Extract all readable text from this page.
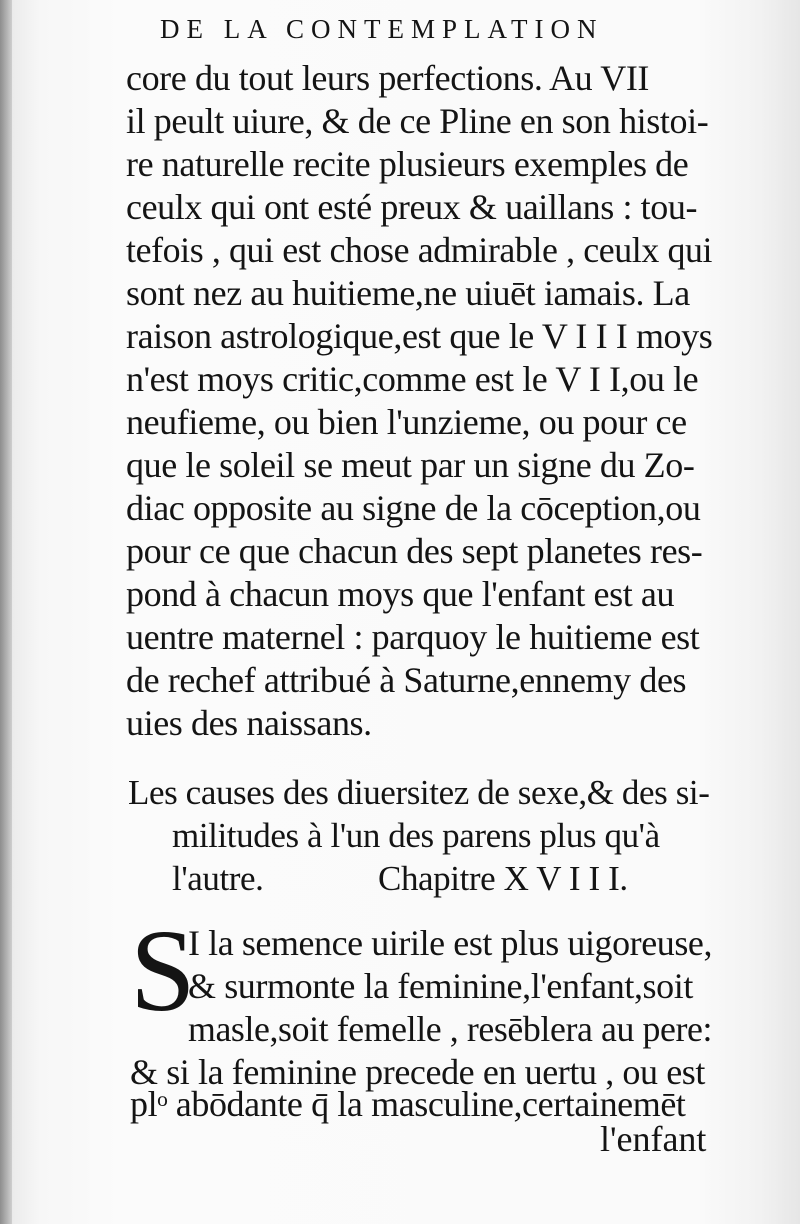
DE LA CONTEMPLATION
core du tout leurs perfections. Au VII
il peult uiure, & de ce Pline en son histoi-
re naturelle recite plusieurs exemples de
ceulx qui ont esté preux & uaillans : tou-
tefois , qui est chose admirable , ceulx qui
sont nez au huitieme,ne uiuēt iamais. La
raison astrologique,est que le V I I I moys
n'est moys critic,comme est le V I I,ou le
neufieme, ou bien l'unzieme, ou pour ce
que le soleil se meut par un signe du Zo-
diac opposite au signe de la cōception,ou
pour ce que chacun des sept planetes res-
pond à chacun moys que l'enfant est au
uentre maternel : parquoy le huitieme est
de rechef attribué à Saturne,ennemy des
uies des naissans.
Les causes des diuersitez de sexe,& des si-
militudes à l'un des parens plus qu'à
l'autre.	Chapitre X V I I I.
S
I la semence uirile est plus uigoreuse,
& surmonte la feminine,l'enfant,soit
masle,soit femelle , resēblera au pere:
& si la feminine precede en uertu , ou est
plᵒ abōdante q̄ la masculine,certainemēt
l'enfant
